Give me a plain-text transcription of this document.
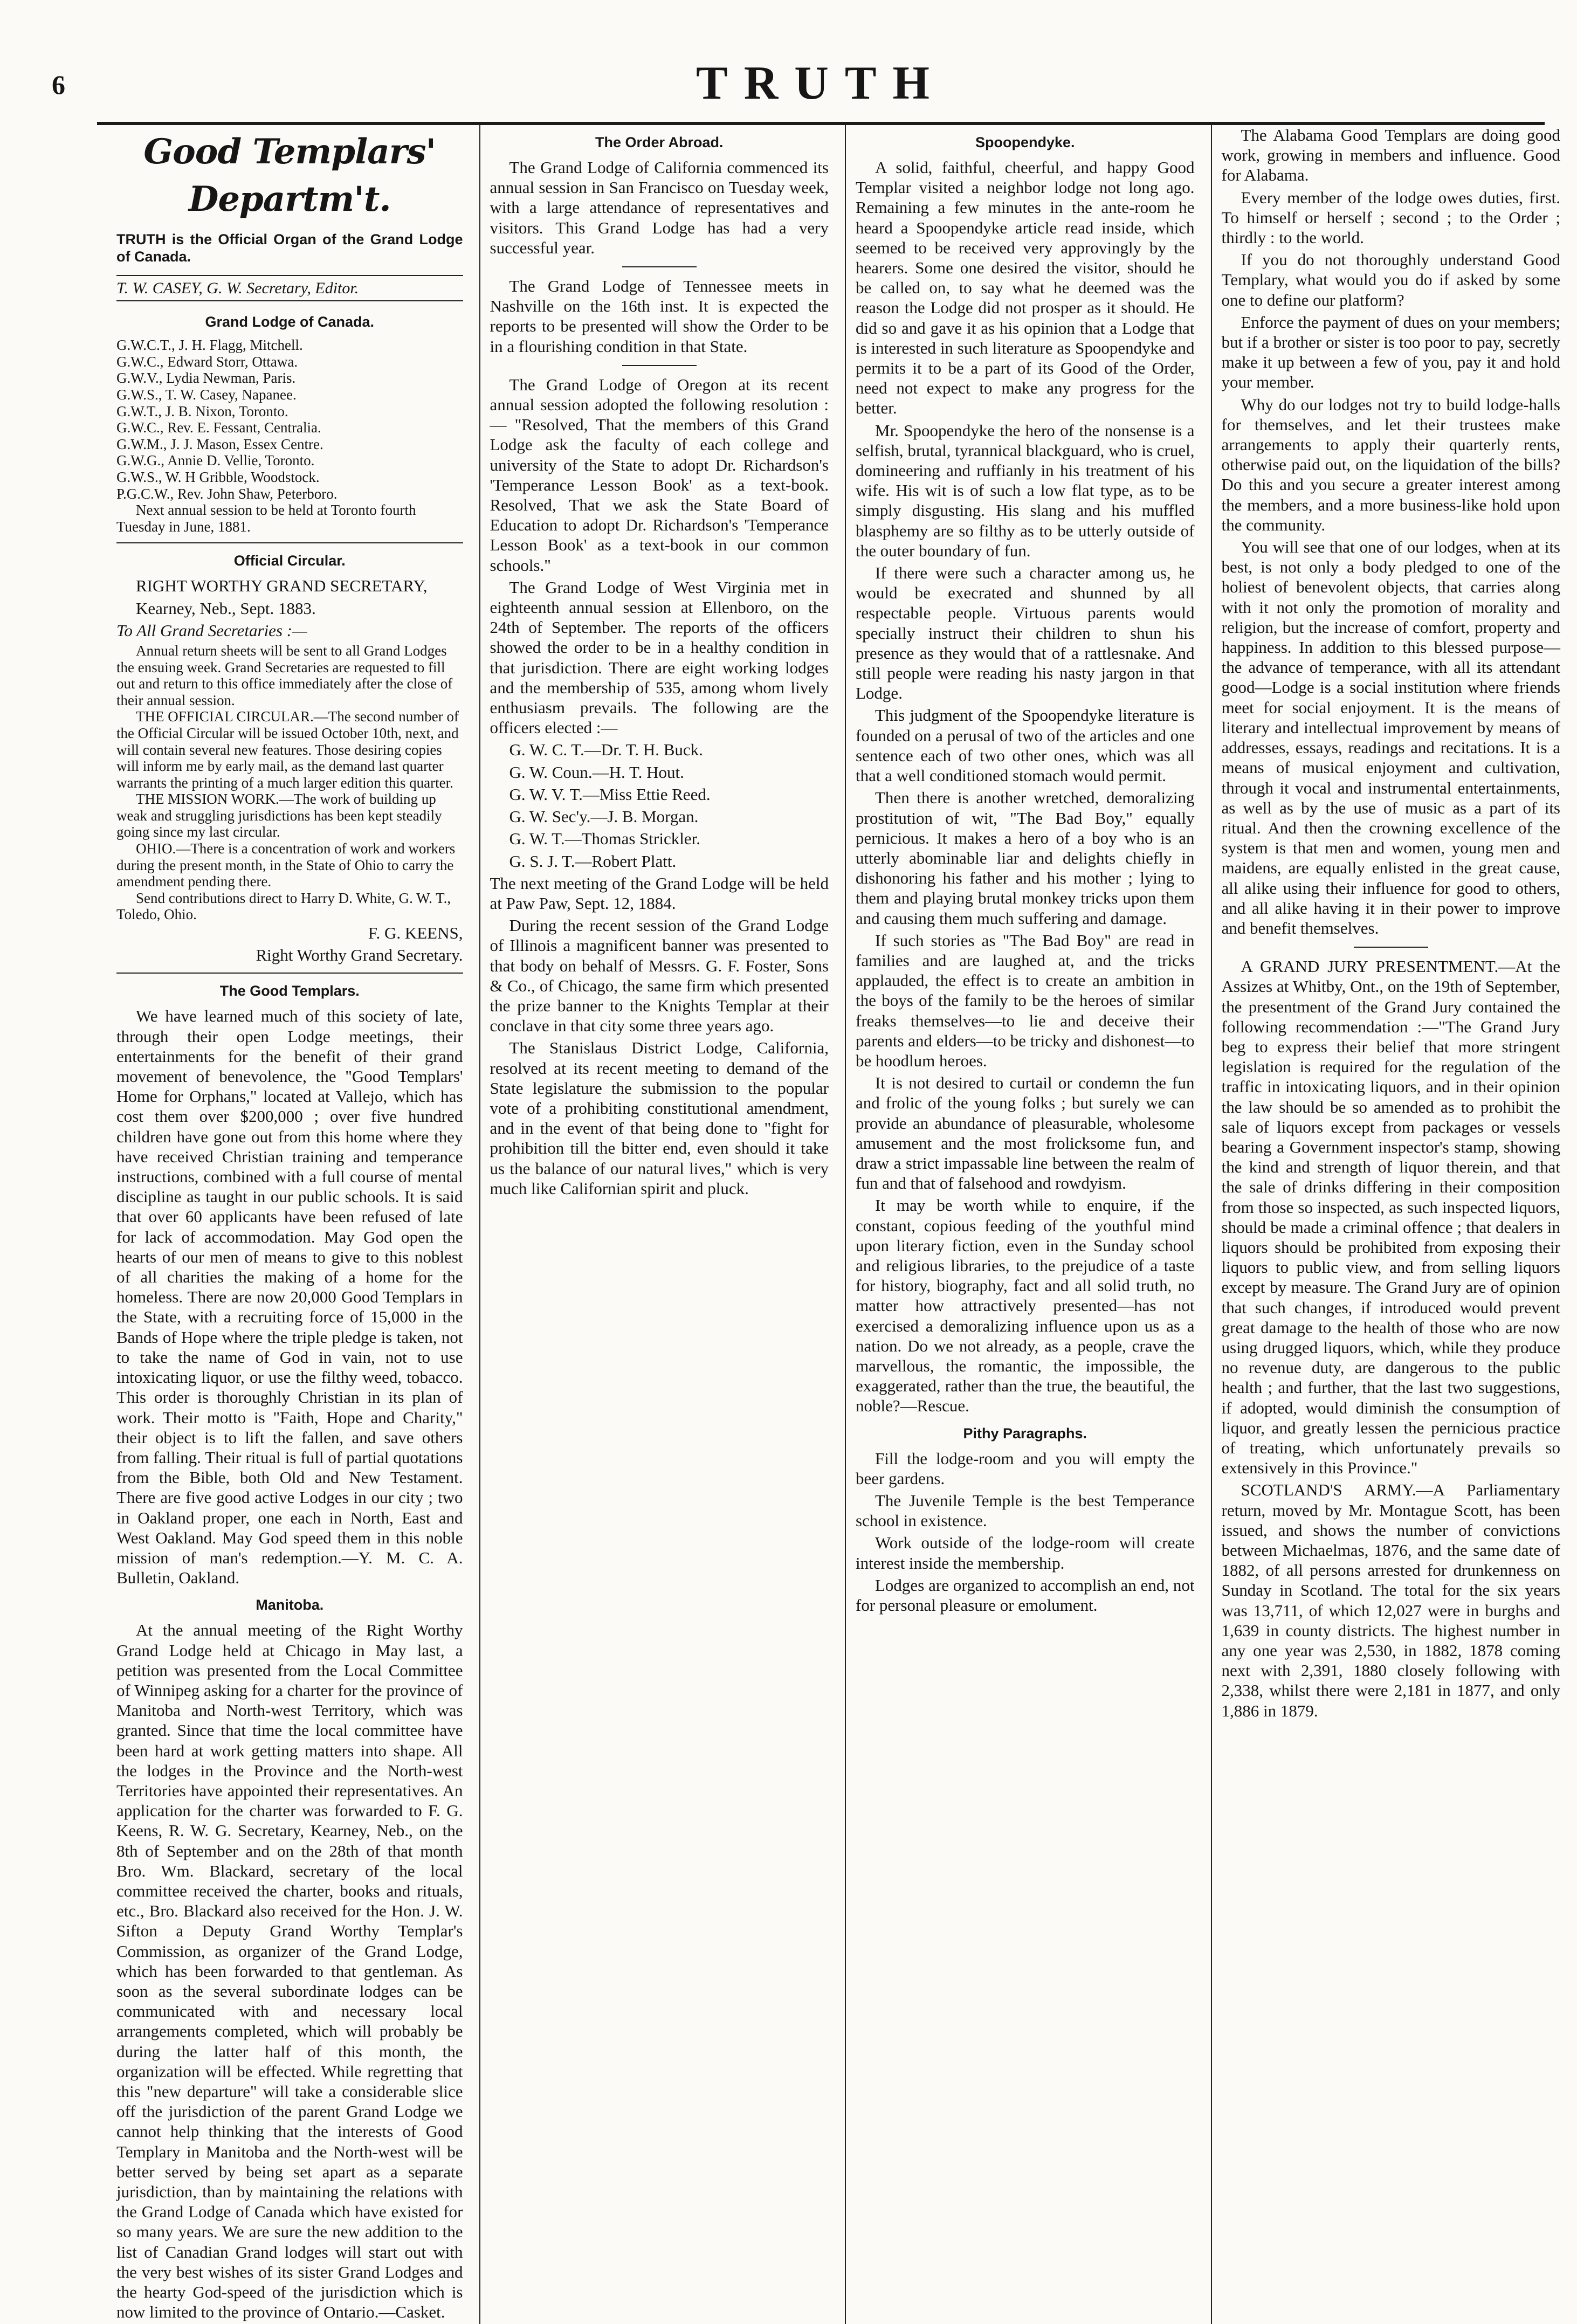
6	TRUTH
Good Templars' Departm't.

TRUTH is the Official Organ of the Grand Lodge of Canada.

T. W. CASEY, G. W. Secretary, Editor.

Grand Lodge of Canada.

G.W.C.T., J. H. Flagg, Mitchell.

G.W.C., Edward Storr, Ottawa.

G.W.V., Lydia Newman, Paris.

G.W.S., T. W. Casey, Napanee.

G.W.T., J. B. Nixon, Toronto.

G.W.C., Rev. E. Fessant, Centralia.

G.W.M., J. J. Mason, Essex Centre.

G.W.G., Annie D. Vellie, Toronto.

G.W.S., W. H Gribble, Woodstock.

P.G.C.W., Rev. John Shaw, Peterboro.

Next annual session to be held at Toronto fourth Tuesday in June, 1881.

Official Circular.

RIGHT WORTHY GRAND SECRETARY,

Kearney, Neb., Sept. 1883.

To All Grand Secretaries :—

Annual return sheets will be sent to all Grand Lodges the ensuing week. Grand Secretaries are requested to fill out and return to this office immediately after the close of their annual session.

THE OFFICIAL CIRCULAR.—The second number of the Official Circular will be issued October 10th, next, and will contain several new features. Those desiring copies will inform me by early mail, as the demand last quarter warrants the printing of a much larger edition this quarter.

THE MISSION WORK.—The work of building up weak and struggling jurisdictions has been kept steadily going since my last circular.

OHIO.—There is a concentration of work and workers during the present month, in the State of Ohio to carry the amendment pending there.

Send contributions direct to Harry D. White, G. W. T., Toledo, Ohio.

F. G. KEENS,

Right Worthy Grand Secretary.

The Good Templars.

We have learned much of this society of late, through their open Lodge meetings, their entertainments for the benefit of their grand movement of benevolence, the "Good Templars' Home for Orphans," located at Vallejo, which has cost them over $200,000 ; over five hundred children have gone out from this home where they have received Christian training and temperance instructions, combined with a full course of mental discipline as taught in our public schools. It is said that over 60 applicants have been refused of late for lack of accommodation. May God open the hearts of our men of means to give to this noblest of all charities the making of a home for the homeless. There are now 20,000 Good Templars in the State, with a recruiting force of 15,000 in the Bands of Hope where the triple pledge is taken, not to take the name of God in vain, not to use intoxicating liquor, or use the filthy weed, tobacco. This order is thoroughly Christian in its plan of work. Their motto is "Faith, Hope and Charity," their object is to lift the fallen, and save others from falling. Their ritual is full of partial quotations from the Bible, both Old and New Testament. There are five good active Lodges in our city ; two in Oakland proper, one each in North, East and West Oakland. May God speed them in this noble mission of man's redemption.—Y. M. C. A. Bulletin, Oakland.

Manitoba.

At the annual meeting of the Right Worthy Grand Lodge held at Chicago in May last, a petition was presented from the Local Committee of Winnipeg asking for a charter for the province of Manitoba and North-west Territory, which was granted. Since that time the local committee have been hard at work getting matters into shape. All the lodges in the Province and the North-west Territories have appointed their representatives. An application for the charter was forwarded to F. G. Keens, R. W. G. Secretary, Kearney, Neb., on the 8th of September and on the 28th of that month Bro. Wm. Blackard, secretary of the local committee received the charter, books and rituals, etc., Bro. Blackard also received for the Hon. J. W. Sifton a Deputy Grand Worthy Templar's Commission, as organizer of the Grand Lodge, which has been forwarded to that gentleman. As soon as the several subordinate lodges can be communicated with and necessary local arrangements completed, which will probably be during the latter half of this month, the organization will be effected. While regretting that this "new departure" will take a considerable slice off the jurisdiction of the parent Grand Lodge we cannot help thinking that the interests of Good Templary in Manitoba and the North-west will be better served by being set apart as a separate jurisdiction, than by maintaining the relations with the Grand Lodge of Canada which have existed for so many years. We are sure the new addition to the list of Canadian Grand lodges will start out with the very best wishes of its sister Grand Lodges and the hearty God-speed of the jurisdiction which is now limited to the province of Ontario.—Casket.

The Order Abroad.

The Grand Lodge of California commenced its annual session in San Francisco on Tuesday week, with a large attendance of representatives and visitors. This Grand Lodge has had a very successful year.

The Grand Lodge of Tennessee meets in Nashville on the 16th inst. It is expected the reports to be presented will show the Order to be in a flourishing condition in that State.

The Grand Lodge of Oregon at its recent annual session adopted the following resolution :— "Resolved, That the members of this Grand Lodge ask the faculty of each college and university of the State to adopt Dr. Richardson's 'Temperance Lesson Book' as a text-book. Resolved, That we ask the State Board of Education to adopt Dr. Richardson's 'Temperance Lesson Book' as a text-book in our common schools."

The Grand Lodge of West Virginia met in eighteenth annual session at Ellenboro, on the 24th of September. The reports of the officers showed the order to be in a healthy condition in that jurisdiction. There are eight working lodges and the membership of 535, among whom lively enthusiasm prevails. The following are the officers elected :—

G. W. C. T.—Dr. T. H. Buck.

G. W. Coun.—H. T. Hout.

G. W. V. T.—Miss Ettie Reed.

G. W. Sec'y.—J. B. Morgan.

G. W. T.—Thomas Strickler.

G. S. J. T.—Robert Platt.

The next meeting of the Grand Lodge will be held at Paw Paw, Sept. 12, 1884.

During the recent session of the Grand Lodge of Illinois a magnificent banner was presented to that body on behalf of Messrs. G. F. Foster, Sons & Co., of Chicago, the same firm which presented the prize banner to the Knights Templar at their conclave in that city some three years ago.

The Stanislaus District Lodge, California, resolved at its recent meeting to demand of the State legislature the submission to the popular vote of a prohibiting constitutional amendment, and in the event of that being done to "fight for prohibition till the bitter end, even should it take us the balance of our natural lives," which is very much like Californian spirit and pluck.

Spoopendyke.

A solid, faithful, cheerful, and happy Good Templar visited a neighbor lodge not long ago. Remaining a few minutes in the ante-room he heard a Spoopendyke article read inside, which seemed to be received very approvingly by the hearers. Some one desired the visitor, should he be called on, to say what he deemed was the reason the Lodge did not prosper as it should. He did so and gave it as his opinion that a Lodge that is interested in such literature as Spoopendyke and permits it to be a part of its Good of the Order, need not expect to make any progress for the better.

Mr. Spoopendyke the hero of the nonsense is a selfish, brutal, tyrannical blackguard, who is cruel, domineering and ruffianly in his treatment of his wife. His wit is of such a low flat type, as to be simply disgusting. His slang and his muffled blasphemy are so filthy as to be utterly outside of the outer boundary of fun.

If there were such a character among us, he would be execrated and shunned by all respectable people. Virtuous parents would specially instruct their children to shun his presence as they would that of a rattlesnake. And still people were reading his nasty jargon in that Lodge.

This judgment of the Spoopendyke literature is founded on a perusal of two of the articles and one sentence each of two other ones, which was all that a well conditioned stomach would permit.

Then there is another wretched, demoralizing prostitution of wit, "The Bad Boy," equally pernicious. It makes a hero of a boy who is an utterly abominable liar and delights chiefly in dishonoring his father and his mother ; lying to them and playing brutal monkey tricks upon them and causing them much suffering and damage.

If such stories as "The Bad Boy" are read in families and are laughed at, and the tricks applauded, the effect is to create an ambition in the boys of the family to be the heroes of similar freaks themselves—to lie and deceive their parents and elders—to be tricky and dishonest—to be hoodlum heroes.

It is not desired to curtail or condemn the fun and frolic of the young folks ; but surely we can provide an abundance of pleasurable, wholesome amusement and the most frolicksome fun, and draw a strict impassable line between the realm of fun and that of falsehood and rowdyism.

It may be worth while to enquire, if the constant, copious feeding of the youthful mind upon literary fiction, even in the Sunday school and religious libraries, to the prejudice of a taste for history, biography, fact and all solid truth, no matter how attractively presented—has not exercised a demoralizing influence upon us as a nation. Do we not already, as a people, crave the marvellous, the romantic, the impossible, the exaggerated, rather than the true, the beautiful, the noble?—Rescue.

Pithy Paragraphs.

Fill the lodge-room and you will empty the beer gardens.

The Juvenile Temple is the best Temperance school in existence.

Work outside of the lodge-room will create interest inside the membership.

Lodges are organized to accomplish an end, not for personal pleasure or emolument.

The Alabama Good Templars are doing good work, growing in members and influence. Good for Alabama.

Every member of the lodge owes duties, first. To himself or herself ; second ; to the Order ; thirdly : to the world.

If you do not thoroughly understand Good Templary, what would you do if asked by some one to define our platform?

Enforce the payment of dues on your members; but if a brother or sister is too poor to pay, secretly make it up between a few of you, pay it and hold your member.

Why do our lodges not try to build lodge-halls for themselves, and let their trustees make arrangements to apply their quarterly rents, otherwise paid out, on the liquidation of the bills? Do this and you secure a greater interest among the members, and a more business-like hold upon the community.

You will see that one of our lodges, when at its best, is not only a body pledged to one of the holiest of benevolent objects, that carries along with it not only the promotion of morality and religion, but the increase of comfort, property and happiness. In addition to this blessed purpose—the advance of temperance, with all its attendant good—Lodge is a social institution where friends meet for social enjoyment. It is the means of literary and intellectual improvement by means of addresses, essays, readings and recitations. It is a means of musical enjoyment and cultivation, through it vocal and instrumental entertainments, as well as by the use of music as a part of its ritual. And then the crowning excellence of the system is that men and women, young men and maidens, are equally enlisted in the great cause, all alike using their influence for good to others, and all alike having it in their power to improve and benefit themselves.

A GRAND JURY PRESENTMENT.—At the Assizes at Whitby, Ont., on the 19th of September, the presentment of the Grand Jury contained the following recommendation :—"The Grand Jury beg to express their belief that more stringent legislation is required for the regulation of the traffic in intoxicating liquors, and in their opinion the law should be so amended as to prohibit the sale of liquors except from packages or vessels bearing a Government inspector's stamp, showing the kind and strength of liquor therein, and that the sale of drinks differing in their composition from those so inspected, as such inspected liquors, should be made a criminal offence ; that dealers in liquors should be prohibited from exposing their liquors to public view, and from selling liquors except by measure. The Grand Jury are of opinion that such changes, if introduced would prevent great damage to the health of those who are now using drugged liquors, which, while they produce no revenue duty, are dangerous to the public health ; and further, that the last two suggestions, if adopted, would diminish the consumption of liquor, and greatly lessen the pernicious practice of treating, which unfortunately prevails so extensively in this Province."

SCOTLAND'S ARMY.—A Parliamentary return, moved by Mr. Montague Scott, has been issued, and shows the number of convictions between Michaelmas, 1876, and the same date of 1882, of all persons arrested for drunkenness on Sunday in Scotland. The total for the six years was 13,711, of which 12,027 were in burghs and 1,639 in county districts. The highest number in any one year was 2,530, in 1882, 1878 coming next with 2,391, 1880 closely following with 2,338, whilst there were 2,181 in 1877, and only 1,886 in 1879.
